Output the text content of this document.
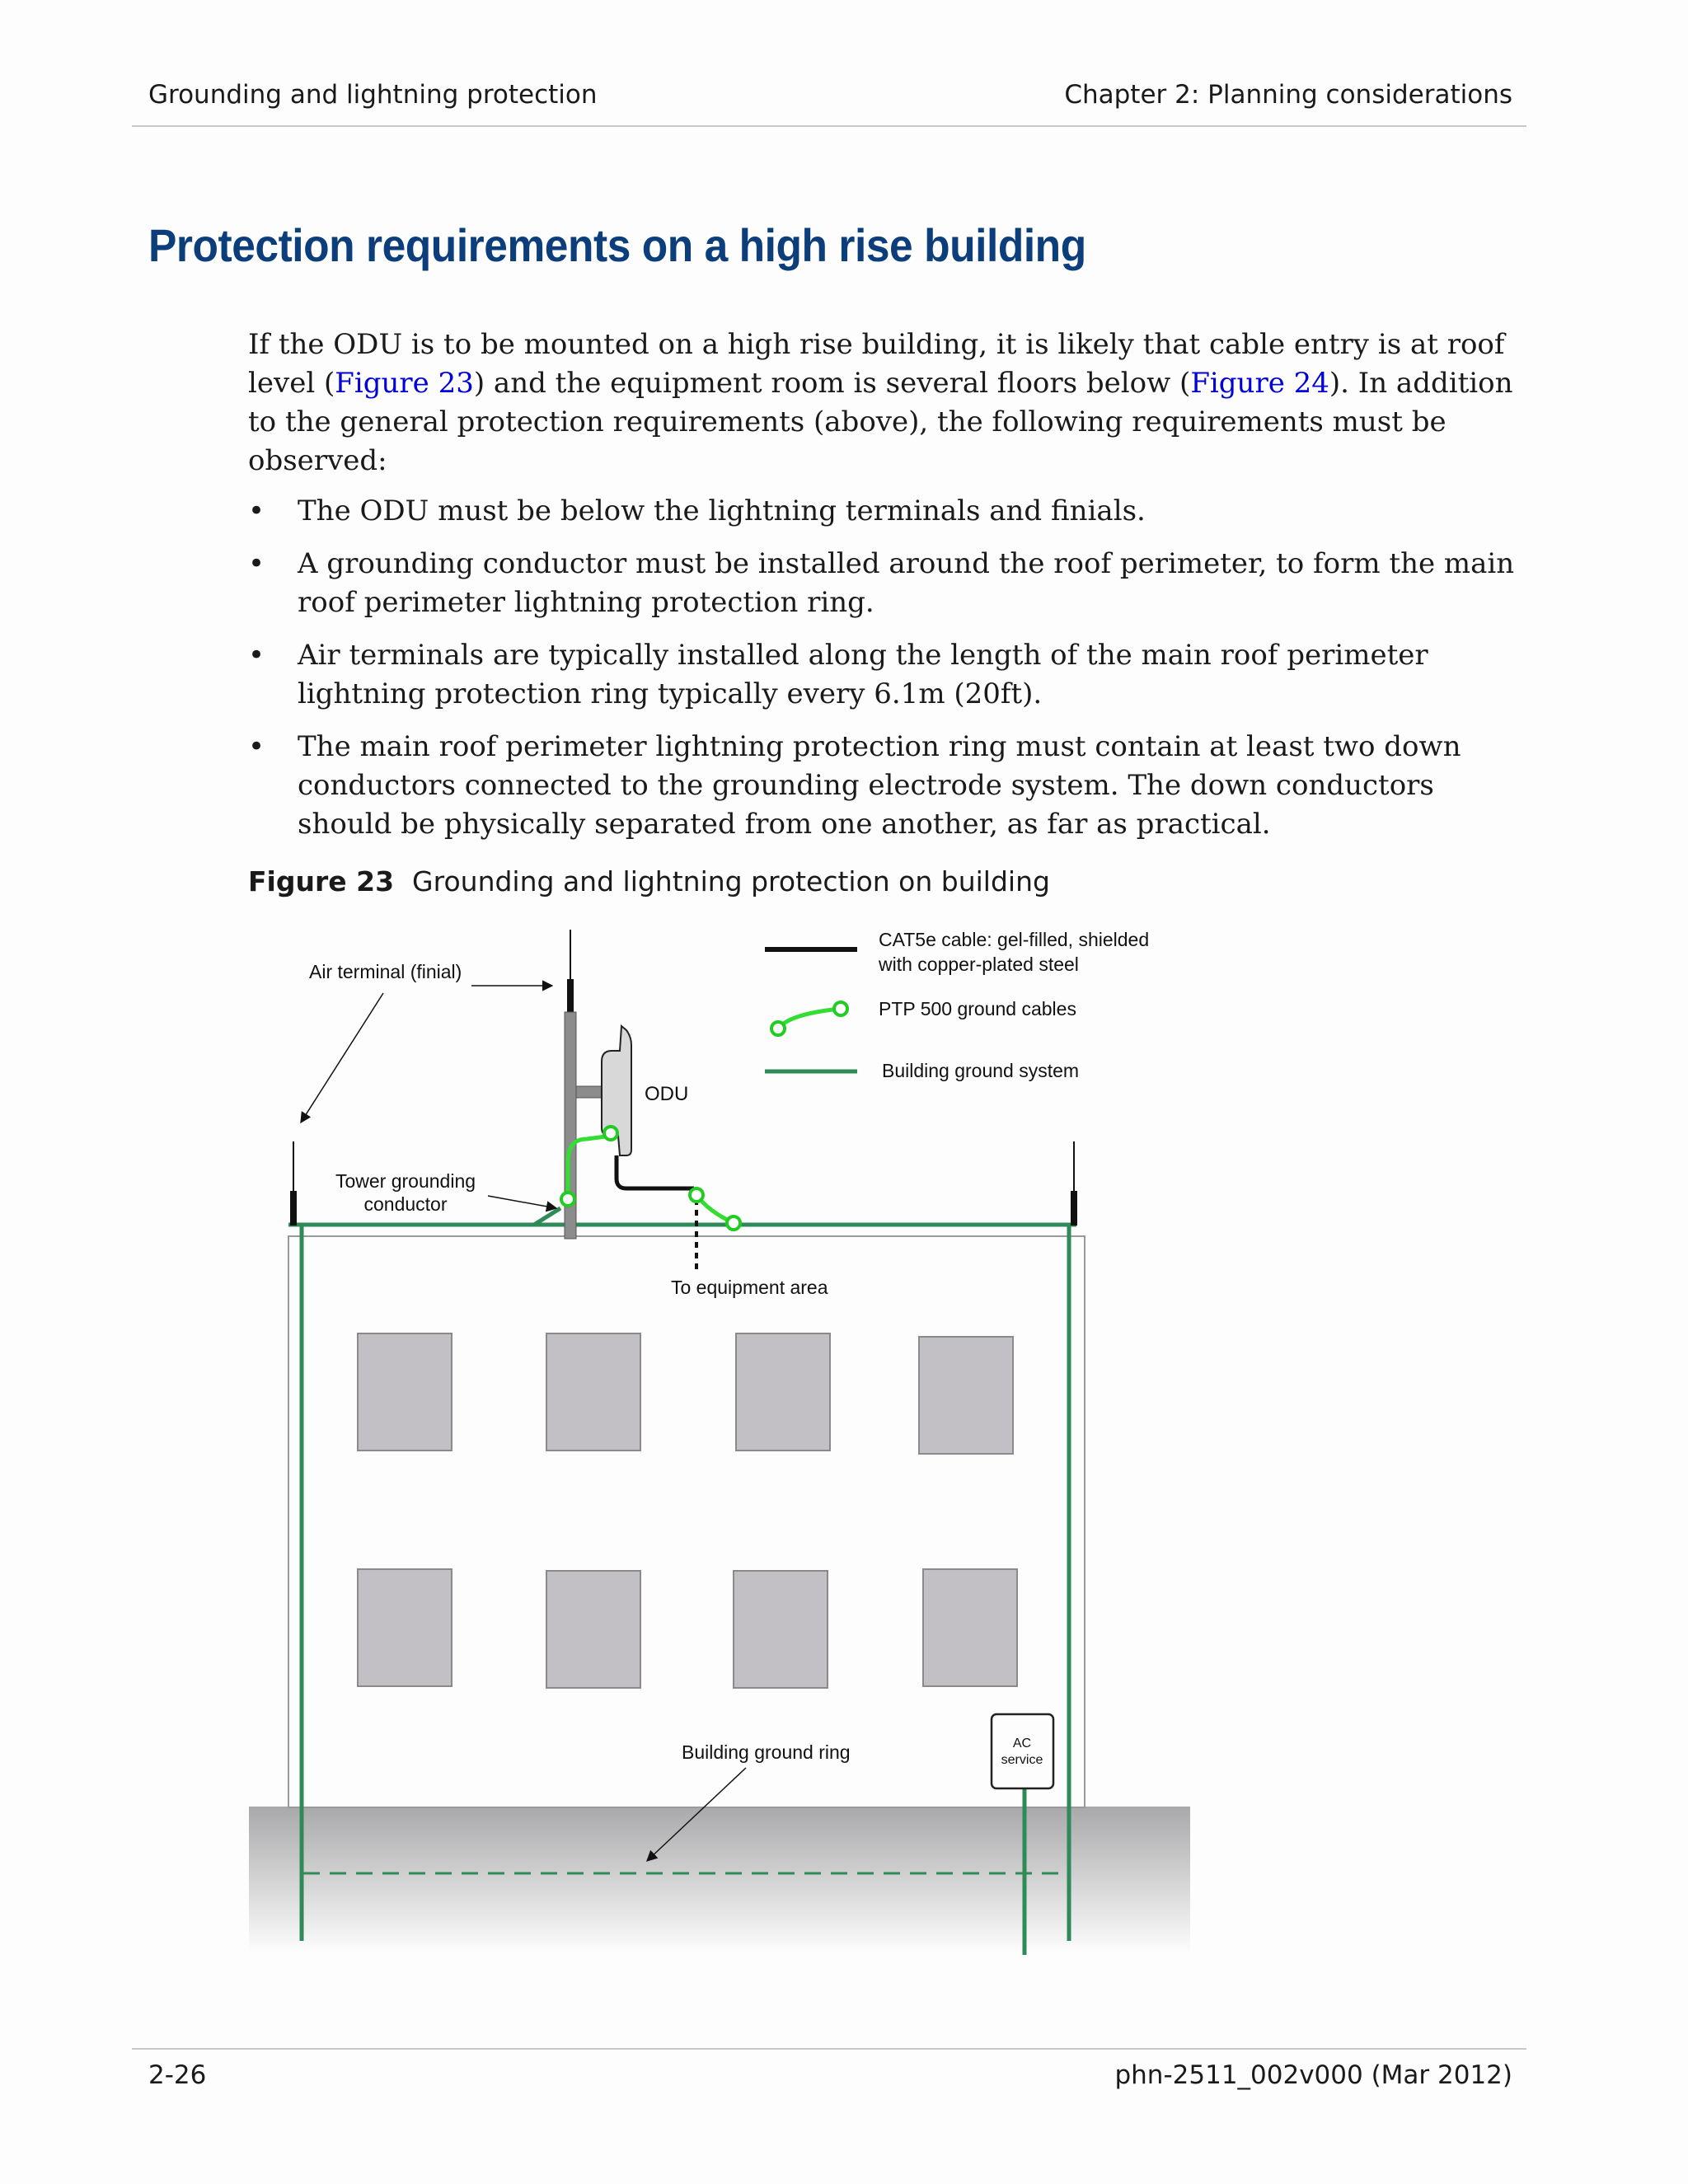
Grounding and lightning protection	Chapter 2: Planning considerations
Protection requirements on a high rise building
If the ODU is to be mounted on a high rise building, it is likely that cable entry is at roof level (Figure 23) and the equipment room is several floors below (Figure 24). In addition to the general protection requirements (above), the following requirements must be observed:
• The ODU must be below the lightning terminals and finials.
• A grounding conductor must be installed around the roof perimeter, to form the main roof perimeter lightning protection ring.
• Air terminals are typically installed along the length of the main roof perimeter lightning protection ring typically every 6.1m (20ft).
• The main roof perimeter lightning protection ring must contain at least two down conductors connected to the grounding electrode system. The down conductors should be physically separated from one another, as far as practical.
Figure 23 Grounding and lightning protection on building
AC
service
Air terminal (finial)
ODU
Tower grounding
conductor
To equipment area
Building ground ring
CAT5e cable: gel-filled, shielded
with copper-plated steel
PTP 500 ground cables
Building ground system
2-26	phn-2511_002v000 (Mar 2012)
